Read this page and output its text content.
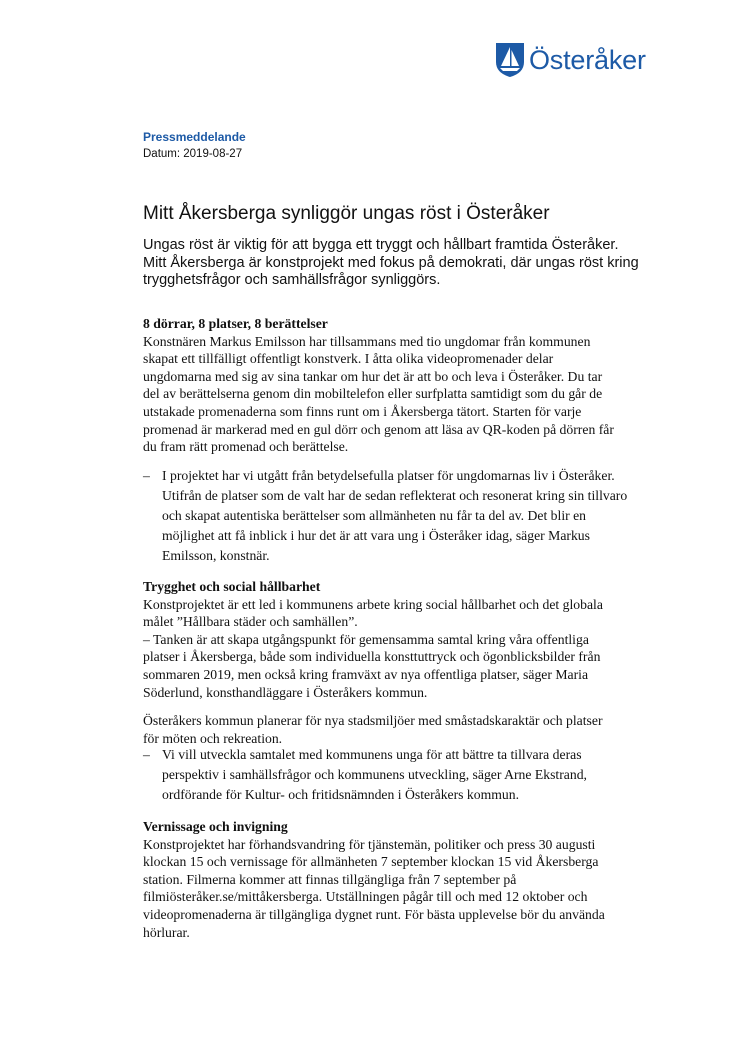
Österåker
Pressmeddelande
Datum: 2019-08-27
Mitt Åkersberga synliggör ungas röst i Österåker

Ungas röst är viktig för att bygga ett tryggt och hållbart framtida Österåker. Mitt Åkersberga är konstprojekt med fokus på demokrati, där ungas röst kring trygghetsfrågor och samhällsfrågor synliggörs.

8 dörrar, 8 platser, 8 berättelser
Konstnären Markus Emilsson har tillsammans med tio ungdomar från kommunen skapat ett tillfälligt offentligt konstverk. I åtta olika videopromenader delar ungdomarna med sig av sina tankar om hur det är att bo och leva i Österåker. Du tar del av berättelserna genom din mobiltelefon eller surfplatta samtidigt som du går de utstakade promenaderna som finns runt om i Åkersberga tätort. Starten för varje promenad är markerad med en gul dörr och genom att läsa av QR-koden på dörren får du fram rätt promenad och berättelse.
– I projektet har vi utgått från betydelsefulla platser för ungdomarnas liv i Österåker. Utifrån de platser som de valt har de sedan reflekterat och resonerat kring sin tillvaro och skapat autentiska berättelser som allmänheten nu får ta del av. Det blir en möjlighet att få inblick i hur det är att vara ung i Österåker idag, säger Markus Emilsson, konstnär.
Trygghet och social hållbarhet
Konstprojektet är ett led i kommunens arbete kring social hållbarhet och det globala målet ”Hållbara städer och samhällen”.
– Tanken är att skapa utgångspunkt för gemensamma samtal kring våra offentliga platser i Åkersberga, både som individuella konsttuttryck och ögonblicksbilder från sommaren 2019, men också kring framväxt av nya offentliga platser, säger Maria Söderlund, konsthandläggare i Österåkers kommun.
Österåkers kommun planerar för nya stadsmiljöer med småstadskaraktär och platser för möten och rekreation.
– Vi vill utveckla samtalet med kommunens unga för att bättre ta tillvara deras perspektiv i samhällsfrågor och kommunens utveckling, säger Arne Ekstrand, ordförande för Kultur- och fritidsnämnden i Österåkers kommun.
Vernissage och invigning
Konstprojektet har förhandsvandring för tjänstemän, politiker och press 30 augusti klockan 15 och vernissage för allmänheten 7 september klockan 15 vid Åkersberga station. Filmerna kommer att finnas tillgängliga från 7 september på filmiösteråker.se/mittåkersberga. Utställningen pågår till och med 12 oktober och videopromenaderna är tillgängliga dygnet runt. För bästa upplevelse bör du använda hörlurar.
